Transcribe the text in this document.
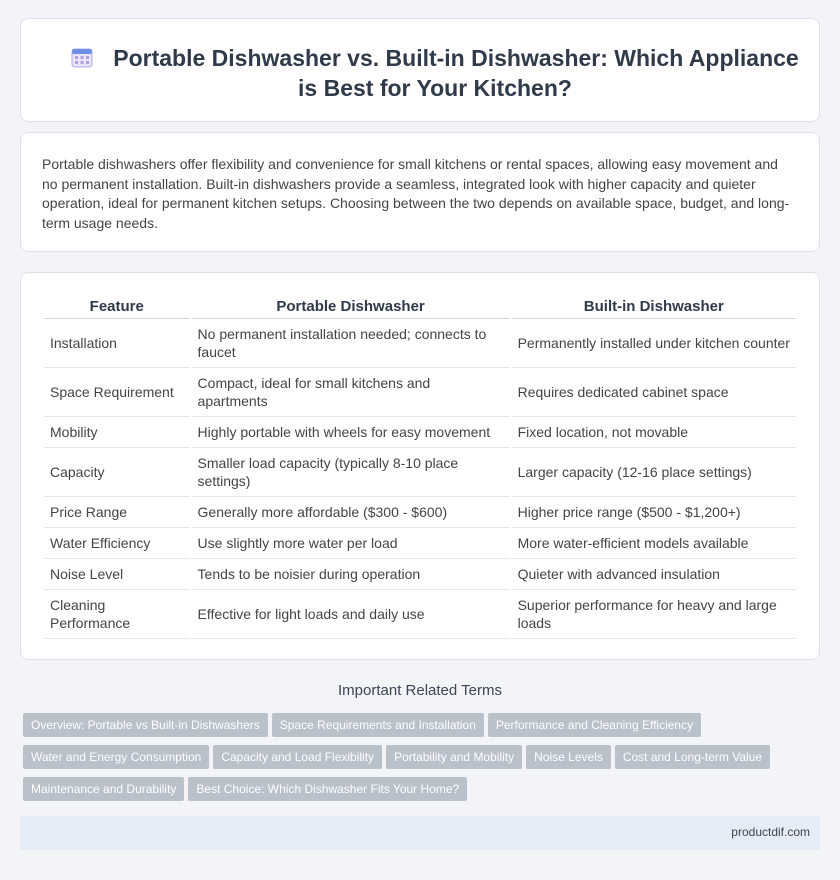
Portable Dishwasher vs. Built-in Dishwasher: Which Appliance is Best for Your Kitchen?

Portable dishwashers offer flexibility and convenience for small kitchens or rental spaces, allowing easy movement and no permanent installation. Built-in dishwashers provide a seamless, integrated look with higher capacity and quieter operation, ideal for permanent kitchen setups. Choosing between the two depends on available space, budget, and long-term usage needs.

Feature	Portable Dishwasher	Built-in Dishwasher
Installation	No permanent installation needed; connects to faucet	Permanently installed under kitchen counter
Space Requirement	Compact, ideal for small kitchens and apartments	Requires dedicated cabinet space
Mobility	Highly portable with wheels for easy movement	Fixed location, not movable
Capacity	Smaller load capacity (typically 8-10 place settings)	Larger capacity (12-16 place settings)
Price Range	Generally more affordable ($300 - $600)	Higher price range ($500 - $1,200+)
Water Efficiency	Use slightly more water per load	More water-efficient models available
Noise Level	Tends to be noisier during operation	Quieter with advanced insulation
Cleaning Performance	Effective for light loads and daily use	Superior performance for heavy and large loads
Important Related Terms
Overview: Portable vs Built-in Dishwashers Space Requirements and Installation Performance and Cleaning Efficiency
Water and Energy Consumption Capacity and Load Flexibility Portability and Mobility Noise Levels Cost and Long-term Value
Maintenance and Durability Best Choice: Which Dishwasher Fits Your Home?
productdif.com
